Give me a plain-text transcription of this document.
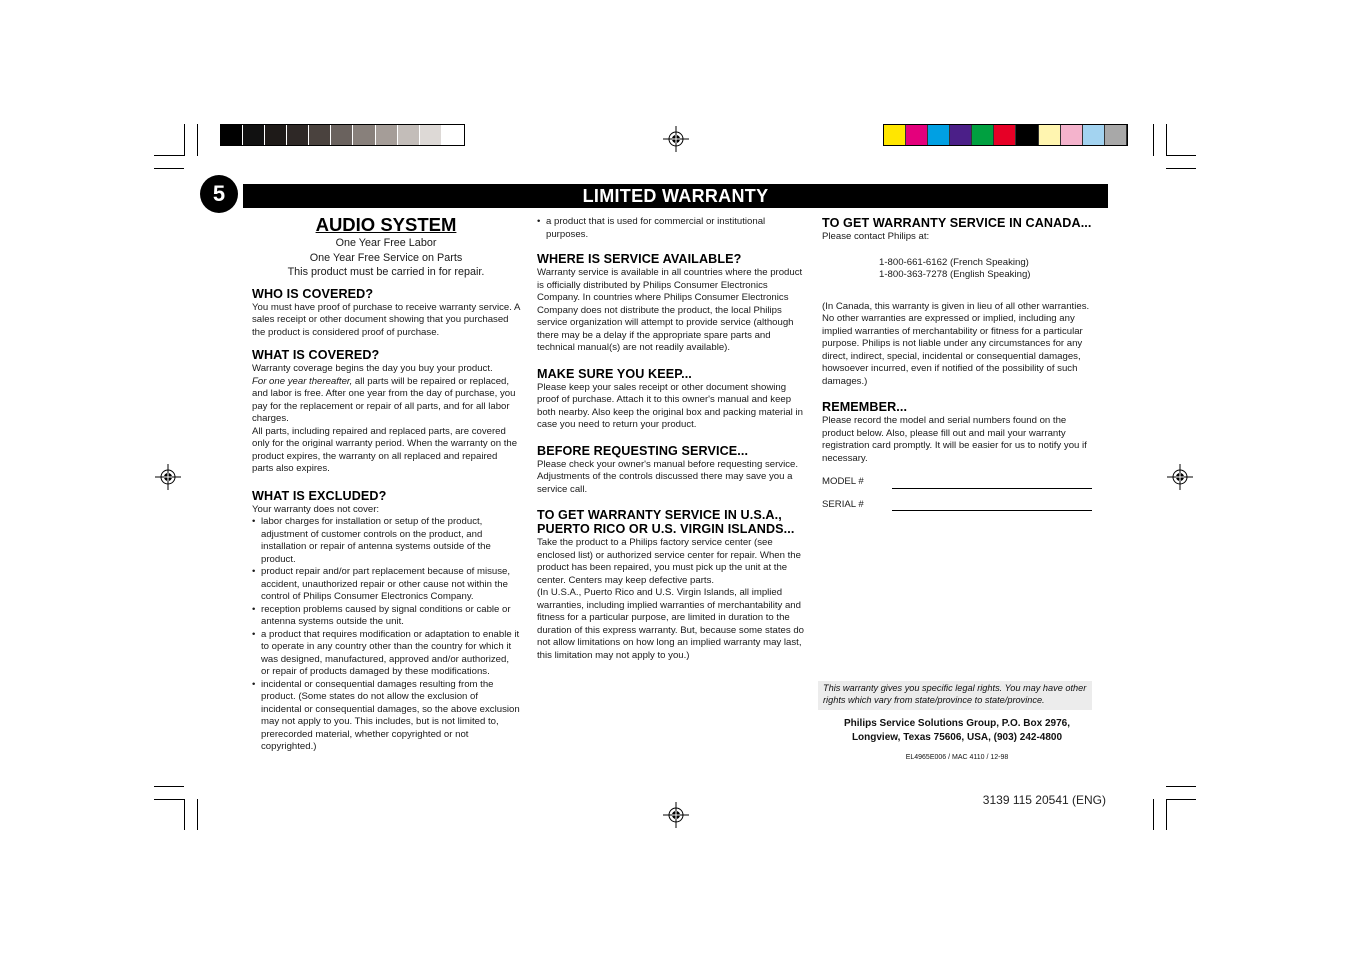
5	LIMITED WARRANTY
AUDIO SYSTEM
One Year Free Labor
One Year Free Service on Parts
This product must be carried in for repair.
WHO IS COVERED?

You must have proof of purchase to receive warranty service. A sales receipt or other document showing that you purchased the product is considered proof of purchase.

WHAT IS COVERED?

Warranty coverage begins the day you buy your product.
For one year thereafter, all parts will be repaired or replaced, and labor is free. After one year from the day of purchase, you pay for the replacement or repair of all parts, and for all labor charges.

All parts, including repaired and replaced parts, are covered only for the original warranty period. When the warranty on the product expires, the warranty on all replaced and repaired parts also expires.

WHAT IS EXCLUDED?

Your warranty does not cover:

• labor charges for installation or setup of the product, adjustment of customer controls on the product, and installation or repair of antenna systems outside of the product.
• product repair and/or part replacement because of misuse, accident, unauthorized repair or other cause not within the control of Philips Consumer Electronics Company.
• reception problems caused by signal conditions or cable or antenna systems outside the unit.
• a product that requires modification or adaptation to enable it to operate in any country other than the country for which it was designed, manufactured, approved and/or authorized, or repair of products damaged by these modifications.
• incidental or consequential damages resulting from the product. (Some states do not allow the exclusion of incidental or consequential damages, so the above exclusion may not apply to you. This includes, but is not limited to, prerecorded material, whether copyrighted or not copyrighted.)
• a product that is used for commercial or institutional purposes.
WHERE IS SERVICE AVAILABLE?

Warranty service is available in all countries where the product is officially distributed by Philips Consumer Electronics Company. In countries where Philips Consumer Electronics Company does not distribute the product, the local Philips service organization will attempt to provide service (although there may be a delay if the appropriate spare parts and technical manual(s) are not readily available).

MAKE SURE YOU KEEP...

Please keep your sales receipt or other document showing proof of purchase. Attach it to this owner's manual and keep both nearby. Also keep the original box and packing material in case you need to return your product.

BEFORE REQUESTING SERVICE...

Please check your owner's manual before requesting service. Adjustments of the controls discussed there may save you a service call.

TO GET WARRANTY SERVICE IN U.S.A., PUERTO RICO OR U.S. VIRGIN ISLANDS...

Take the product to a Philips factory service center (see enclosed list) or authorized service center for repair. When the product has been repaired, you must pick up the unit at the center. Centers may keep defective parts.

(In U.S.A., Puerto Rico and U.S. Virgin Islands, all implied warranties, including implied warranties of merchantability and fitness for a particular purpose, are limited in duration to the duration of this express warranty. But, because some states do not allow limitations on how long an implied warranty may last, this limitation may not apply to you.)

TO GET WARRANTY SERVICE IN CANADA...

Please contact Philips at:

1-800-661-6162 (French Speaking)
1-800-363-7278 (English Speaking)

(In Canada, this warranty is given in lieu of all other warranties. No other warranties are expressed or implied, including any implied warranties of merchantability or fitness for a particular purpose. Philips is not liable under any circumstances for any direct, indirect, special, incidental or consequential damages, howsoever incurred, even if notified of the possibility of such damages.)

REMEMBER...

Please record the model and serial numbers found on the product below. Also, please fill out and mail your warranty registration card promptly. It will be easier for us to notify you if necessary.

MODEL #
SERIAL #
This warranty gives you specific legal rights. You may have other rights which vary from state/province to state/province.
Philips Service Solutions Group, P.O. Box 2976,
Longview, Texas 75606, USA, (903) 242-4800
EL4965E006 / MAC 4110 / 12-98
3139 115 20541 (ENG)
